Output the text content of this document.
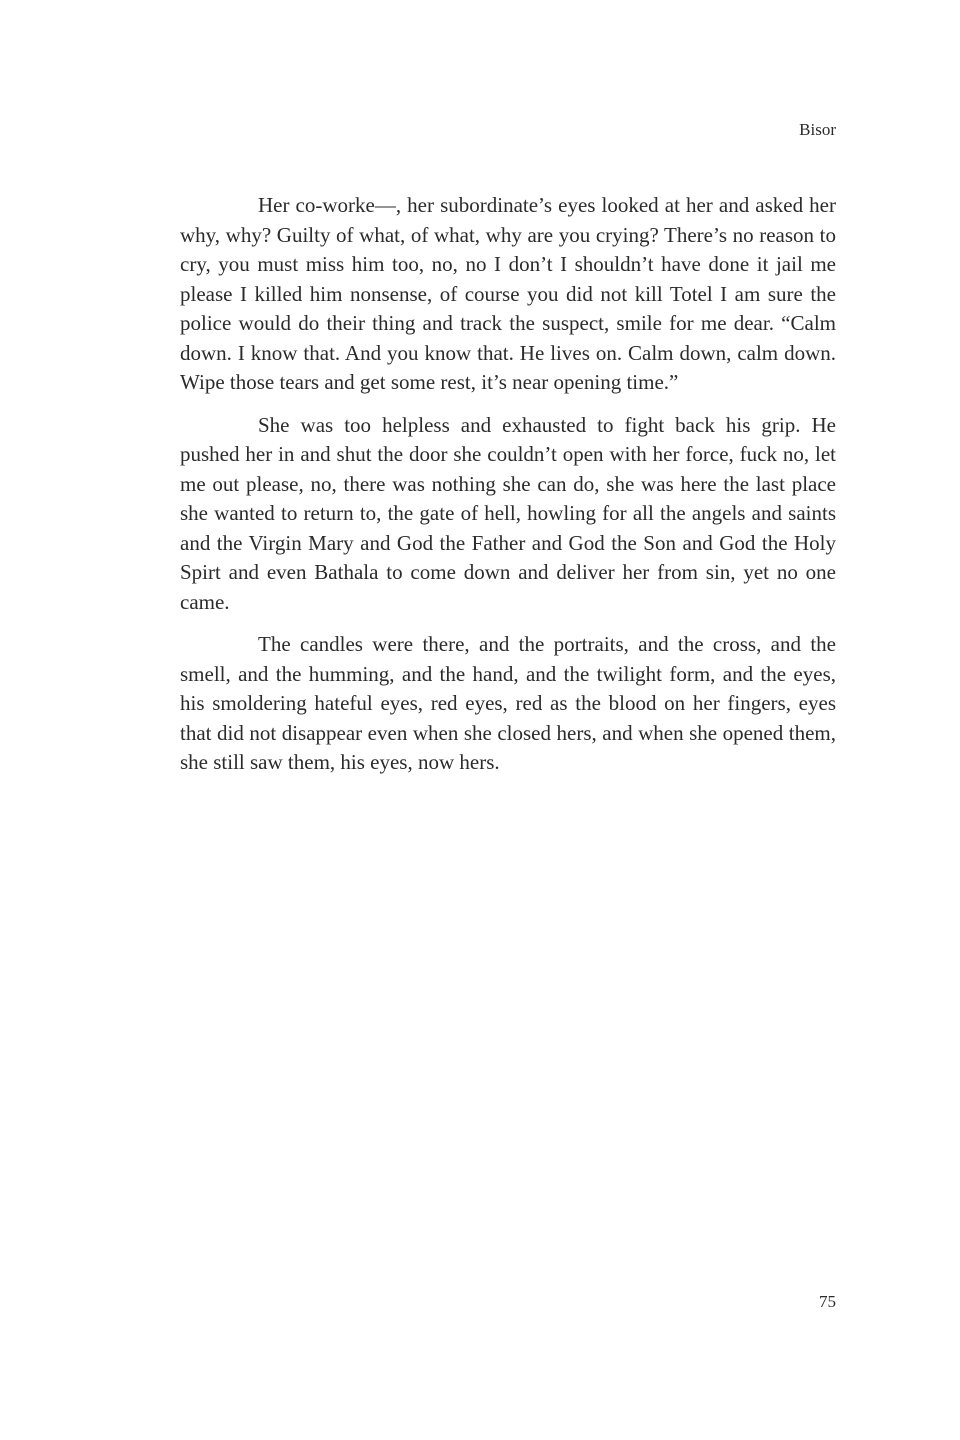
Bisor

Her co-worke—, her subordinate’s eyes looked at her and asked her why, why? Guilty of what, of what, why are you crying? There’s no reason to cry, you must miss him too, no, no I don’t I shouldn’t have done it jail me please I killed him nonsense, of course you did not kill Totel I am sure the police would do their thing and track the suspect, smile for me dear. “Calm down. I know that. And you know that. He lives on. Calm down, calm down. Wipe those tears and get some rest, it’s near opening time.”

She was too helpless and exhausted to fight back his grip. He pushed her in and shut the door she couldn’t open with her force, fuck no, let me out please, no, there was nothing she can do, she was here the last place she wanted to return to, the gate of hell, howling for all the angels and saints and the Virgin Mary and God the Father and God the Son and God the Holy Spirt and even Bathala to come down and deliver her from sin, yet no one came.

The candles were there, and the portraits, and the cross, and the smell, and the humming, and the hand, and the twilight form, and the eyes, his smoldering hateful eyes, red eyes, red as the blood on her fingers, eyes that did not disappear even when she closed hers, and when she opened them, she still saw them, his eyes, now hers.

75
